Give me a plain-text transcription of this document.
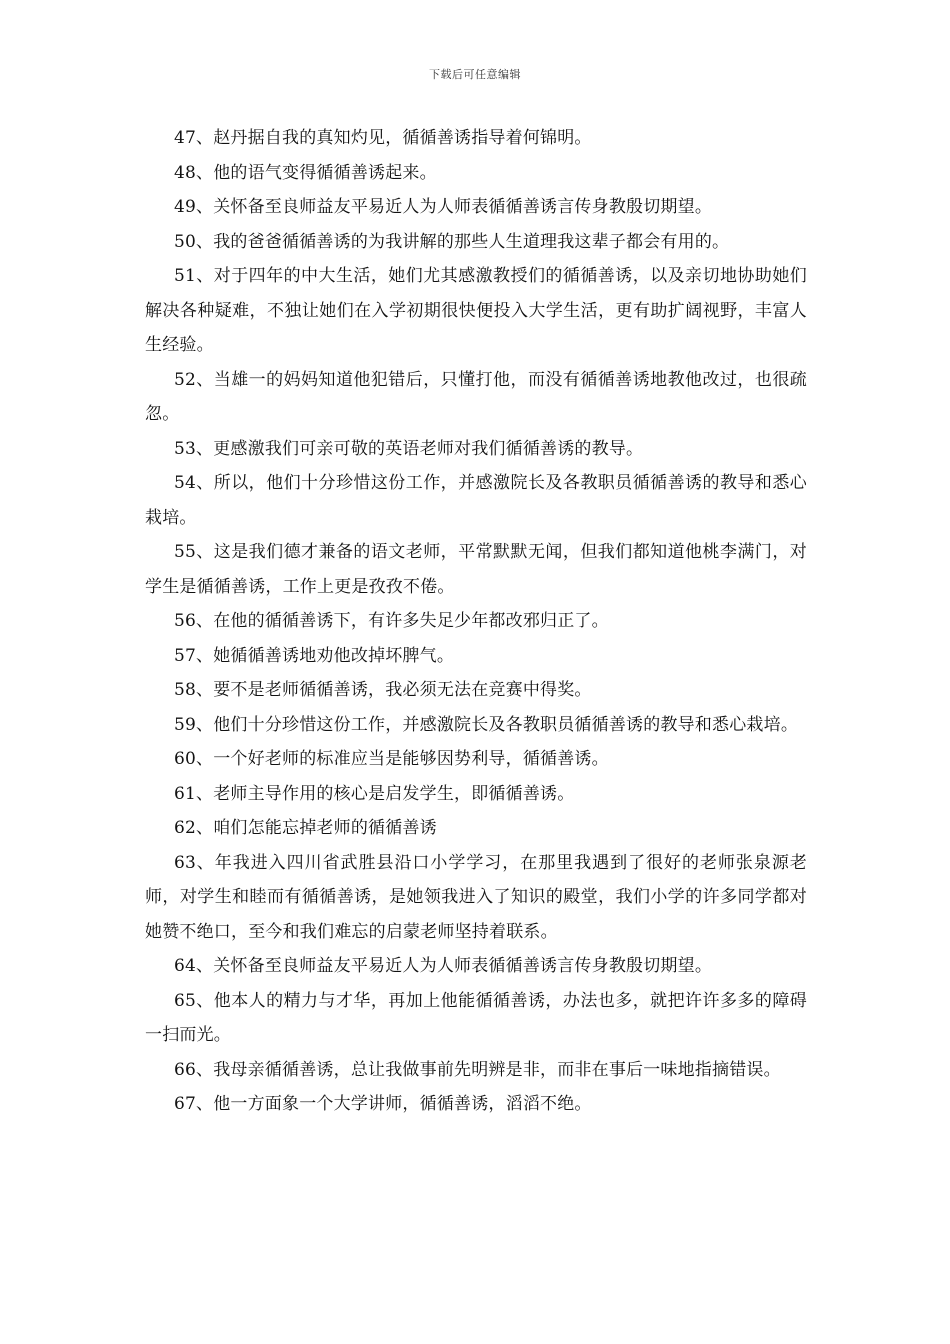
下载后可任意编辑

47、赵丹据自我的真知灼见，循循善诱指导着何锦明。

48、他的语气变得循循善诱起来。

49、关怀备至良师益友平易近人为人师表循循善诱言传身教殷切期望。

50、我的爸爸循循善诱的为我讲解的那些人生道理我这辈子都会有用的。

51、对于四年的中大生活，她们尤其感激教授们的循循善诱，以及亲切地协助她们解决各种疑难，不独让她们在入学初期很快便投入大学生活，更有助扩阔视野，丰富人生经验。

52、当雄一的妈妈知道他犯错后，只懂打他，而没有循循善诱地教他改过，也很疏忽。

53、更感激我们可亲可敬的英语老师对我们循循善诱的教导。

54、所以，他们十分珍惜这份工作，并感激院长及各教职员循循善诱的教导和悉心栽培。

55、这是我们德才兼备的语文老师，平常默默无闻，但我们都知道他桃李满门，对学生是循循善诱，工作上更是孜孜不倦。

56、在他的循循善诱下，有许多失足少年都改邪归正了。

57、她循循善诱地劝他改掉坏脾气。

58、要不是老师循循善诱，我必须无法在竞赛中得奖。

59、他们十分珍惜这份工作，并感激院长及各教职员循循善诱的教导和悉心栽培。

60、一个好老师的标准应当是能够因势利导，循循善诱。

61、老师主导作用的核心是启发学生，即循循善诱。

62、咱们怎能忘掉老师的循循善诱

63、年我进入四川省武胜县沿口小学学习，在那里我遇到了很好的老师张泉源老师，对学生和睦而有循循善诱，是她领我进入了知识的殿堂，我们小学的许多同学都对她赞不绝口，至今和我们难忘的启蒙老师坚持着联系。

64、关怀备至良师益友平易近人为人师表循循善诱言传身教殷切期望。

65、他本人的精力与才华，再加上他能循循善诱，办法也多，就把许许多多的障碍一扫而光。

66、我母亲循循善诱，总让我做事前先明辨是非，而非在事后一味地指摘错误。

67、他一方面象一个大学讲师，循循善诱，滔滔不绝。
